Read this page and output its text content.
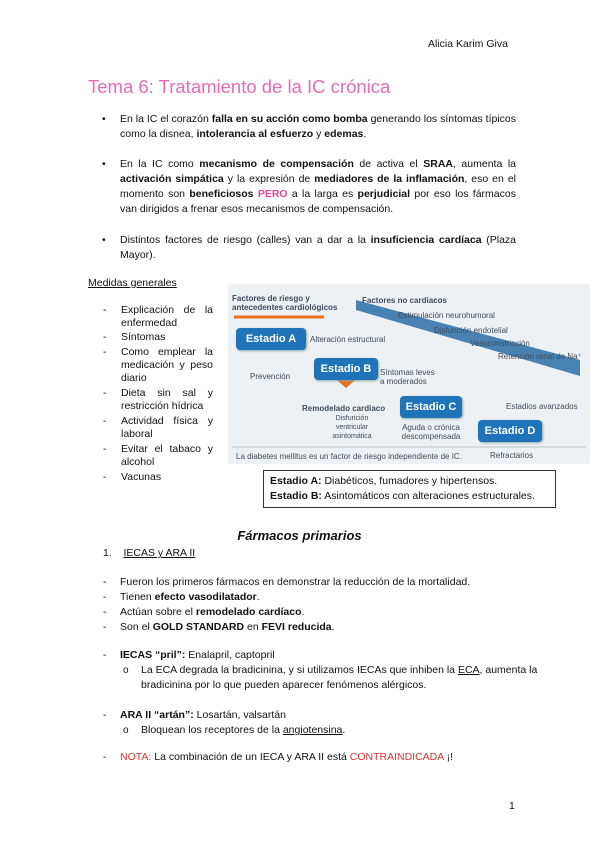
Alicia Karim Giva
Tema 6: Tratamiento de la IC crónica
• En la IC el corazón falla en su acción como bomba generando los síntomas típicos como la disnea, intolerancia al esfuerzo y edemas.
• En la IC como mecanismo de compensación de activa el SRAA, aumenta la activación simpática y la expresión de mediadores de la inflamación, eso en el momento son beneficiosos PERO a la larga es perjudicial por eso los fármacos van dirigidos a frenar esos mecanismos de compensación.
• Distintos factores de riesgo (calles) van a dar a la insuficiencia cardíaca (Plaza Mayor).
Medidas generales
- Explicación de la enfermedad
- Síntomas
- Como emplear la medicación y peso diario
- Dieta sin sal y restricción hídrica
- Actividad física y laboral
- Evitar el tabaco y alcohol
- Vacunas
Factores de riesgo y antecedentes cardiológicos
Factores no cardiacos
Estimulación neurohumoral
Disfunción endotelial
Vasoconstricción
Retención renal de Na⁺
Estadio A	Alteración estructural
Prevención
Estadio B	Síntomas leves a moderados
Remodelado cardiaco
Disfunción ventricular asintomática
Estadio C
Aguda o crónica descompensada
Estadios avanzados
Estadio D
Refractarios
La diabetes mellitus es un factor de riesgo independiente de IC.
Estadio A: Diabéticos, fumadores y hipertensos.
Estadio B: Asintomáticos con alteraciones estructurales.
Fármacos primarios
1. IECAS y ARA II
- Fueron los primeros fármacos en demonstrar la reducción de la mortalidad.
- Tienen efecto vasodilatador.
- Actúan sobre el remodelado cardíaco.
- Son el GOLD STANDARD en FEVI reducida.
- IECAS “pril”: Enalapril, captopril
o La ECA degrada la bradicinina, y si utilizamos IECAs que inhiben la ECA, aumenta la bradicinina por lo que pueden aparecer fenómenos alérgicos.
- ARA II “artán”: Losartán, valsartán
o Bloquean los receptores de la angiotensina.
- NOTA: La combinación de un IECA y ARA II está CONTRAINDICADA ¡!
1
